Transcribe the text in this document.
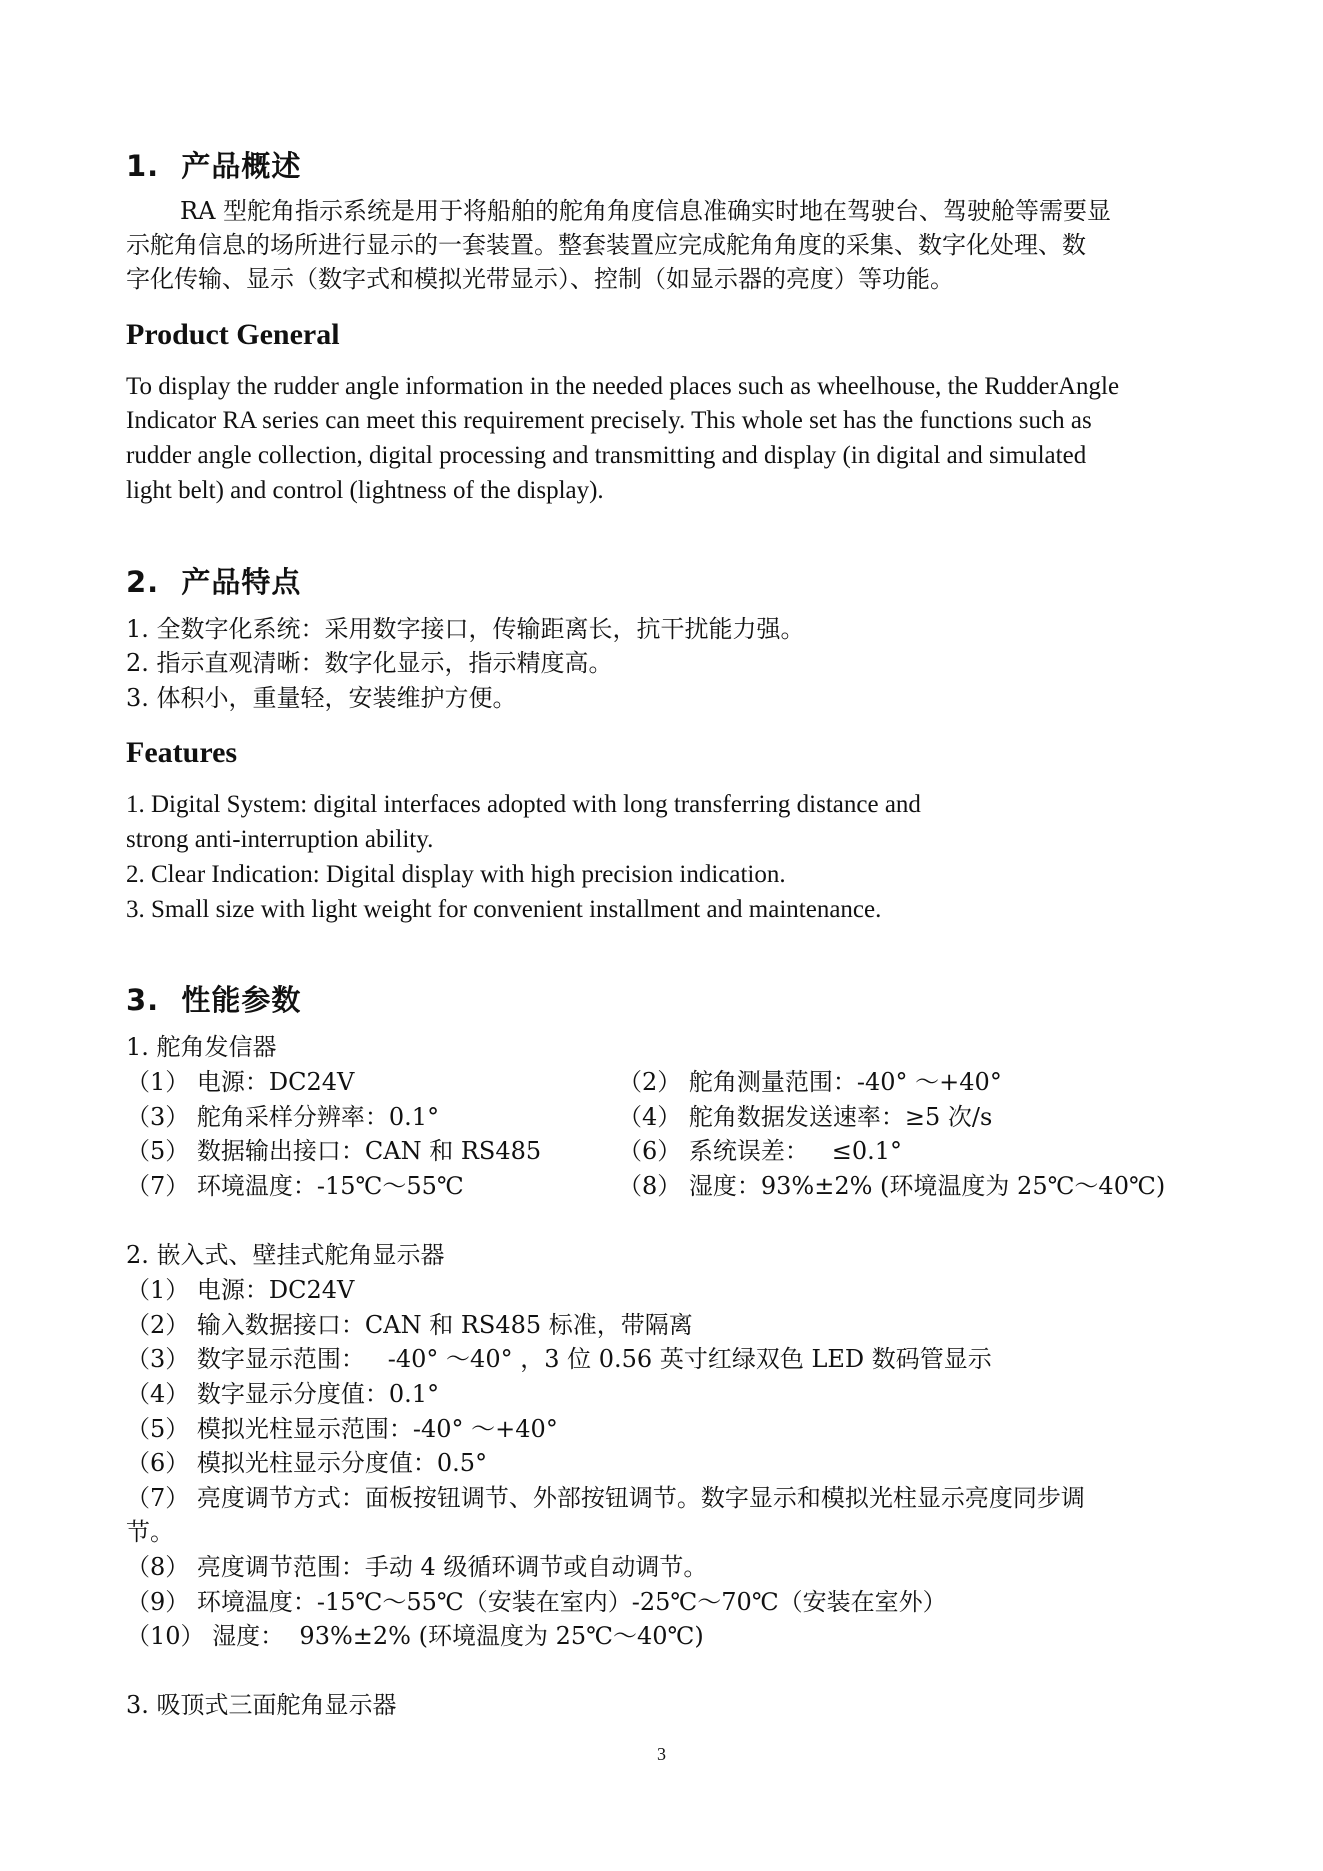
1.  产品概述
RA 型舵角指示系统是用于将船舶的舵角角度信息准确实时地在驾驶台、驾驶舱等需要显
示舵角信息的场所进行显示的一套装置。整套装置应完成舵角角度的采集、数字化处理、数
字化传输、显示（数字式和模拟光带显示）、控制（如显示器的亮度）等功能。
Product General
To display the rudder angle information in the needed places such as wheelhouse, the RudderAngle
Indicator RA series can meet this requirement precisely. This whole set has the functions such as
rudder angle collection, digital processing and transmitting and display (in digital and simulated
light belt) and control (lightness of the display).
2.  产品特点
1. 全数字化系统：采用数字接口，传输距离长，抗干扰能力强。
2. 指示直观清晰：数字化显示，指示精度高。
3. 体积小，重量轻，安装维护方便。
Features
1. Digital System: digital interfaces adopted with long transferring distance and
strong anti-interruption ability.
2. Clear Indication: Digital display with high precision indication.
3. Small size with light weight for convenient installment and maintenance.
3.  性能参数
1. 舵角发信器
（1） 电源：DC24V	（2） 舵角测量范围：-40° ～+40°
（3） 舵角采样分辨率：0.1°	（4） 舵角数据发送速率：≥5 次/s
（5） 数据输出接口：CAN 和 RS485	（6） 系统误差：   ≤0.1°
（7） 环境温度：-15℃～55℃	（8） 湿度：93%±2% (环境温度为 25℃～40℃)
2. 嵌入式、壁挂式舵角显示器
（1） 电源：DC24V
（2） 输入数据接口：CAN 和 RS485 标准，带隔离
（3） 数字显示范围：   -40° ～40° ，3 位 0.56 英寸红绿双色 LED 数码管显示
（4） 数字显示分度值：0.1°
（5） 模拟光柱显示范围：-40° ～+40°
（6） 模拟光柱显示分度值：0.5°
（7） 亮度调节方式：面板按钮调节、外部按钮调节。数字显示和模拟光柱显示亮度同步调
节。
（8） 亮度调节范围：手动 4 级循环调节或自动调节。
（9） 环境温度：-15℃～55℃（安装在室内）-25℃～70℃（安装在室外）
（10） 湿度：  93%±2% (环境温度为 25℃～40℃)
3. 吸顶式三面舵角显示器
3
